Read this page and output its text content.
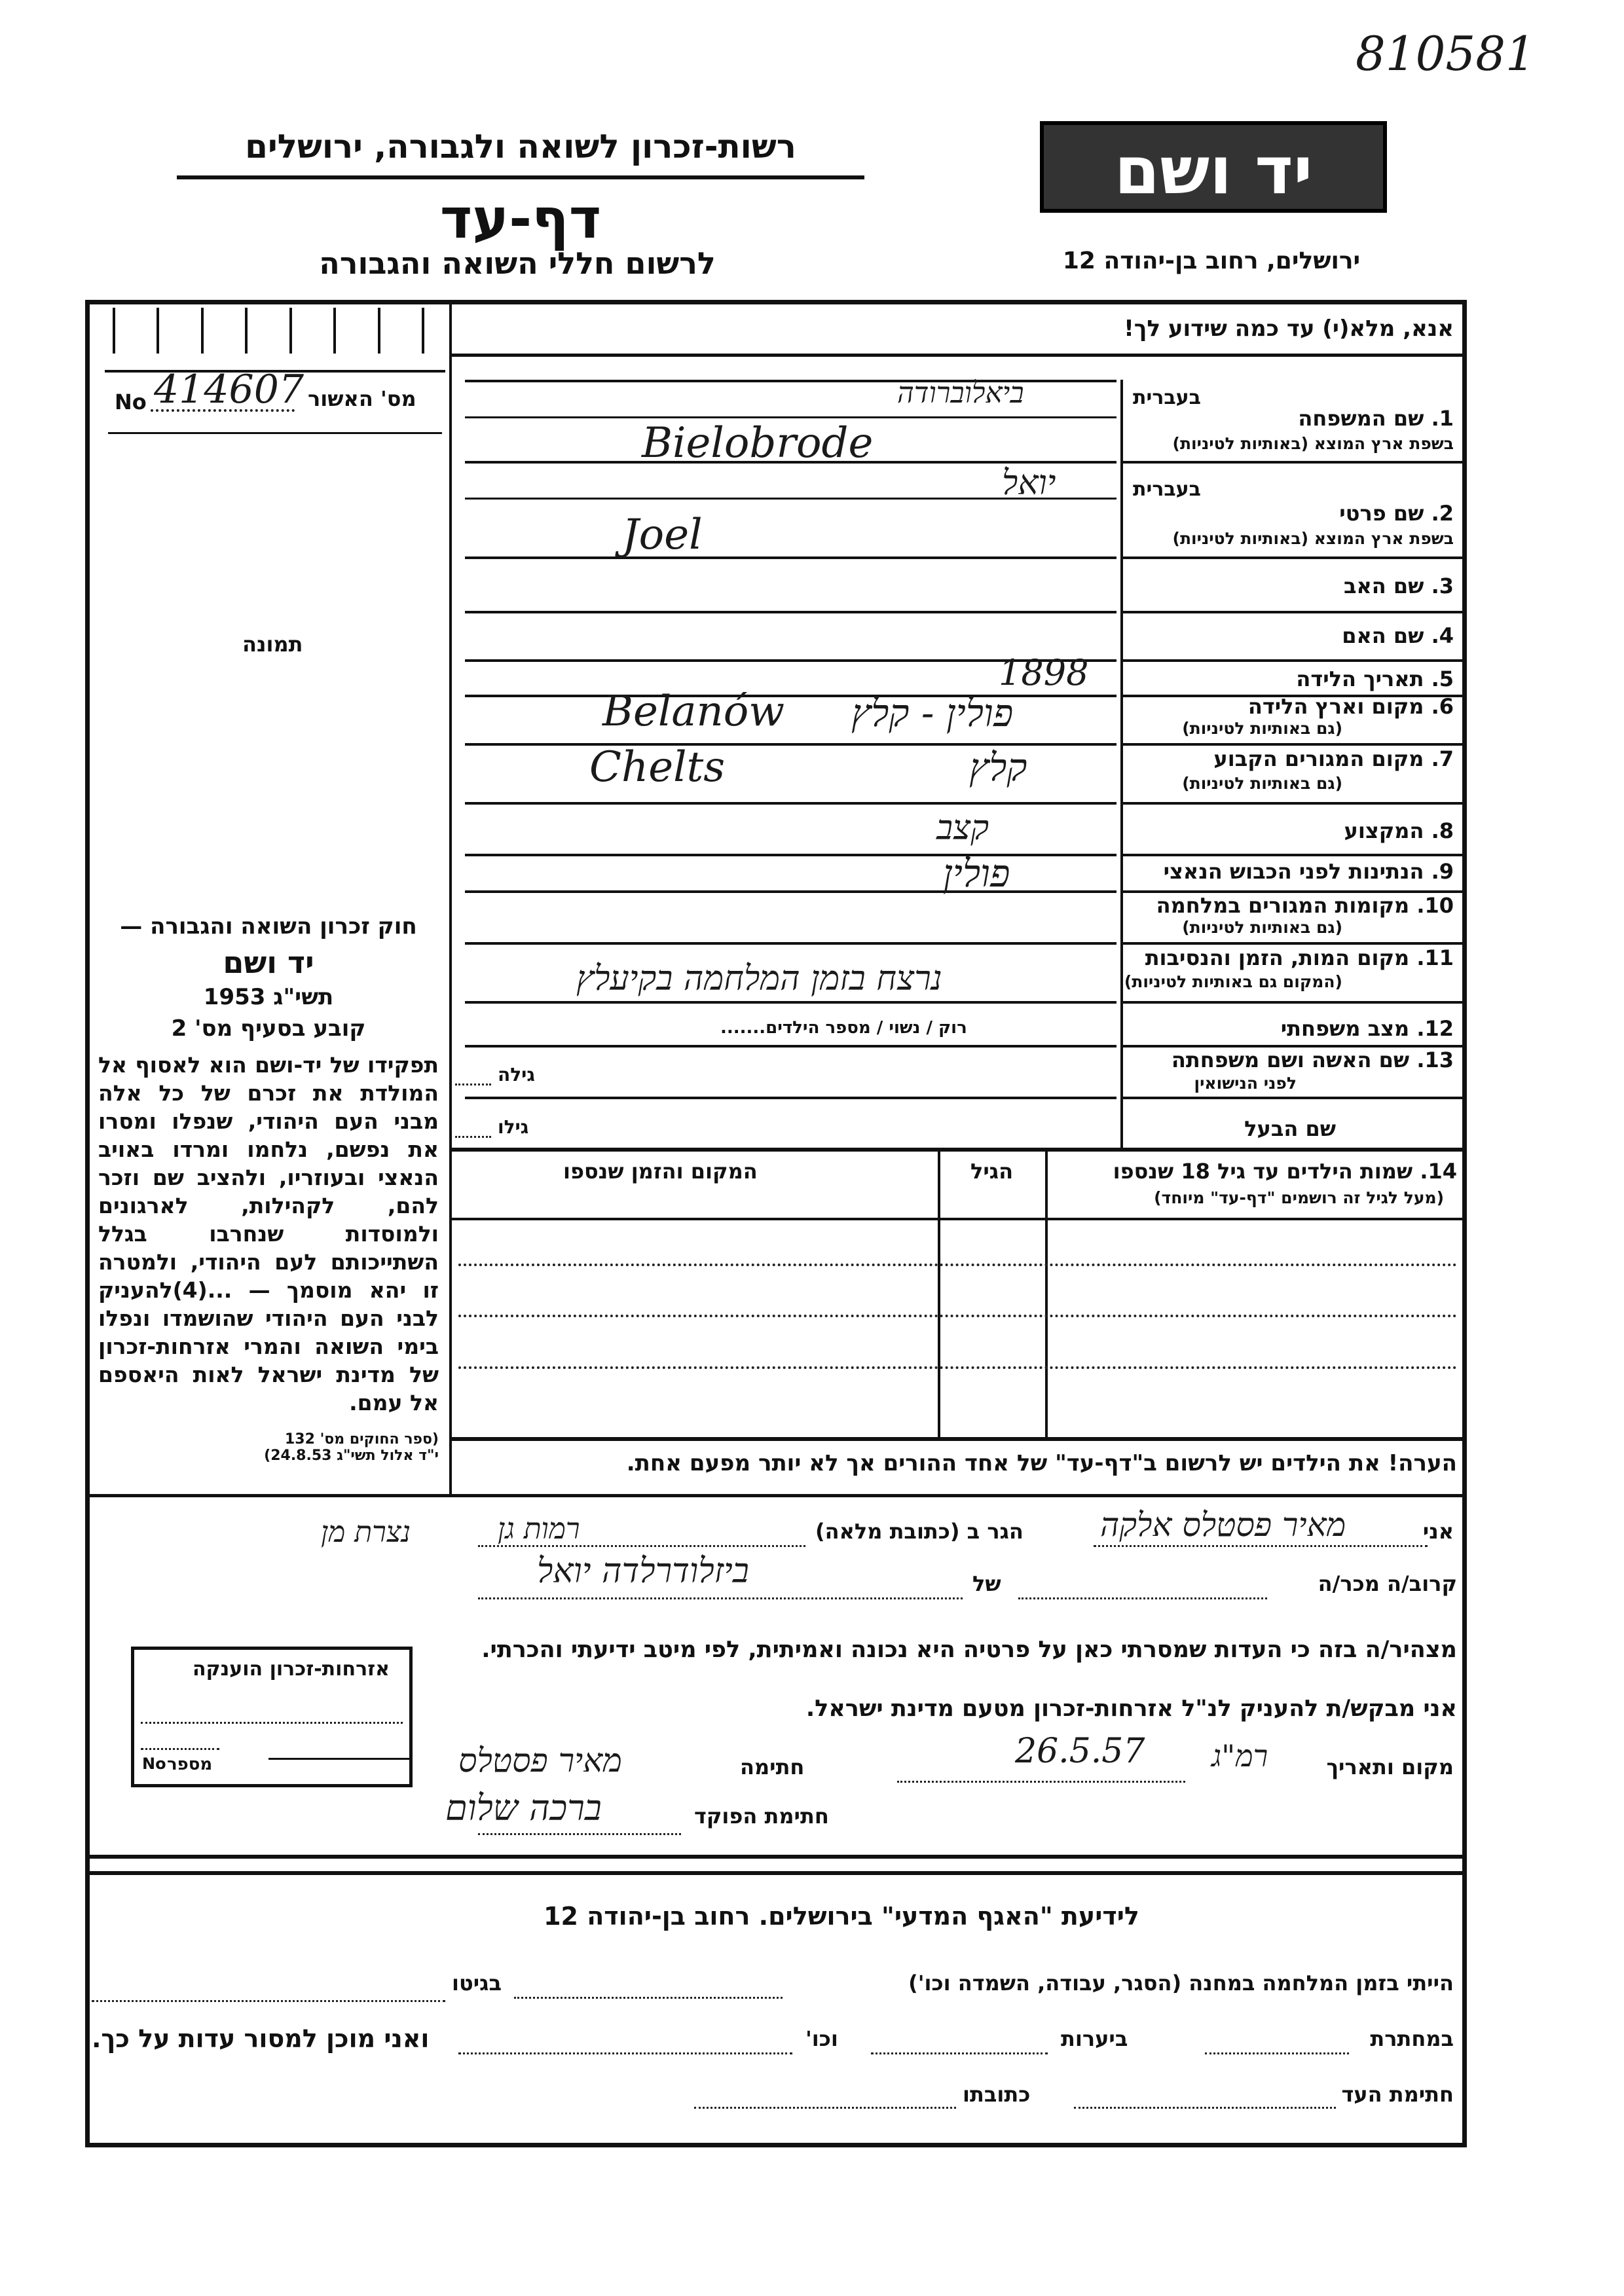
810581
יד ושם
רשות-זכרון לשואה ולגבורה, ירושלים
דף-עד
לרשום חללי השואה והגבורה	ירושלים, רחוב בן-יהודה 12
מס' האשור
No 414607
תמונה
חוק זכרון השואה והגבורה —
יד ושם
תשי"ג 1953
קובע בסעיף מס' 2
תפקידו של יד-ושם הוא לאסוף אל המולדת את זכרם של כל אלה מבני העם היהודי, שנפלו ומסרו את נפשם, נלחמו ומרדו באויב הנאצי ובעוזריו, ולהציב שם וזכר להם, לקהילות, לארגונים ולמוסדות שנחרבו בגלל השתייכותם לעם היהודי, ולמטרה זו יהא מוסמך — ...(4)להעניק לבני העם היהודי שהושמדו ונפלו בימי השואה והמרי אזרחות-זכרון של מדינת ישראל לאות היאספם אל עמם.
(ספר החוקים מס' 132
י"ד אלול תשי"ג 24.8.53)
אנא, מלא(י) עד כמה שידוע לך!
בעברית
1. שם המשפחה
בשפת ארץ המוצא (באותיות לטיניות)
בעברית
2. שם פרטי
בשפת ארץ המוצא (באותיות לטיניות)
3. שם האב
4. שם האם
5. תאריך הלידה
6. מקום וארץ הלידה
(גם באותיות לטיניות)
7. מקום המגורים הקבוע
(גם באותיות לטיניות)
8. המקצוע
9. הנתינות לפני הכבוש הנאצי
10. מקומות המגורים במלחמה
(גם באותיות לטיניות)
11. מקום המות, הזמן והנסיבות
(המקום גם באותיות לטיניות)
12. מצב משפחתי
13. שם האשה ושם משפחתה
לפני הנישואין
שם הבעל
ביאלוברודה
Bielobrode
יואל
Joel
1898
Belanów פולין - קלץ
Chelts	קלץ
קצב
פולין
נרצח בזמן המלחמה בקיעלץ
רוק / נשוי / מספר הילדים.......
גילה
גילו
14. שמות הילדים עד גיל 18 שנספו
(מעל לגיל זה רושמים "דף-עד" מיוחד)
הגיל
המקום והזמן שנספו
הערה! את הילדים יש לרשום ב"דף-עד" של אחד ההורים אך לא יותר מפעם אחת.
אני
מאיר פסטלס אלקה
הגר ב (כתובת מלאה)
רמות גן
נצרת מן
קרוב/ה מכר/ה
של
ביזלודרלדה יואל
מצהיר/ה בזה כי העדות שמסרתי כאן על פרטיה היא נכונה ואמיתית, לפי מיטב ידיעתי והכרתי.
אני מבקש/ת להעניק לנ"ל אזרחות-זכרון מטעם מדינת ישראל.
מקום ותאריך
רמ"ג
26.5.57
חתימה
מאיר פסטלס
חתימת הפוקד
ברכה שלום
אזרחות-זכרון הוענקה
מספר
No
לידיעת "האגף המדעי" בירושלים. רחוב בן-יהודה 12
הייתי בזמן המלחמה במחנה (הסגר, עבודה, השמדה וכו')
בגיטו
במחתרת
ביערות
וכו'
ואני מוכן למסור עדות על כך.
חתימת העד
כתובתו
